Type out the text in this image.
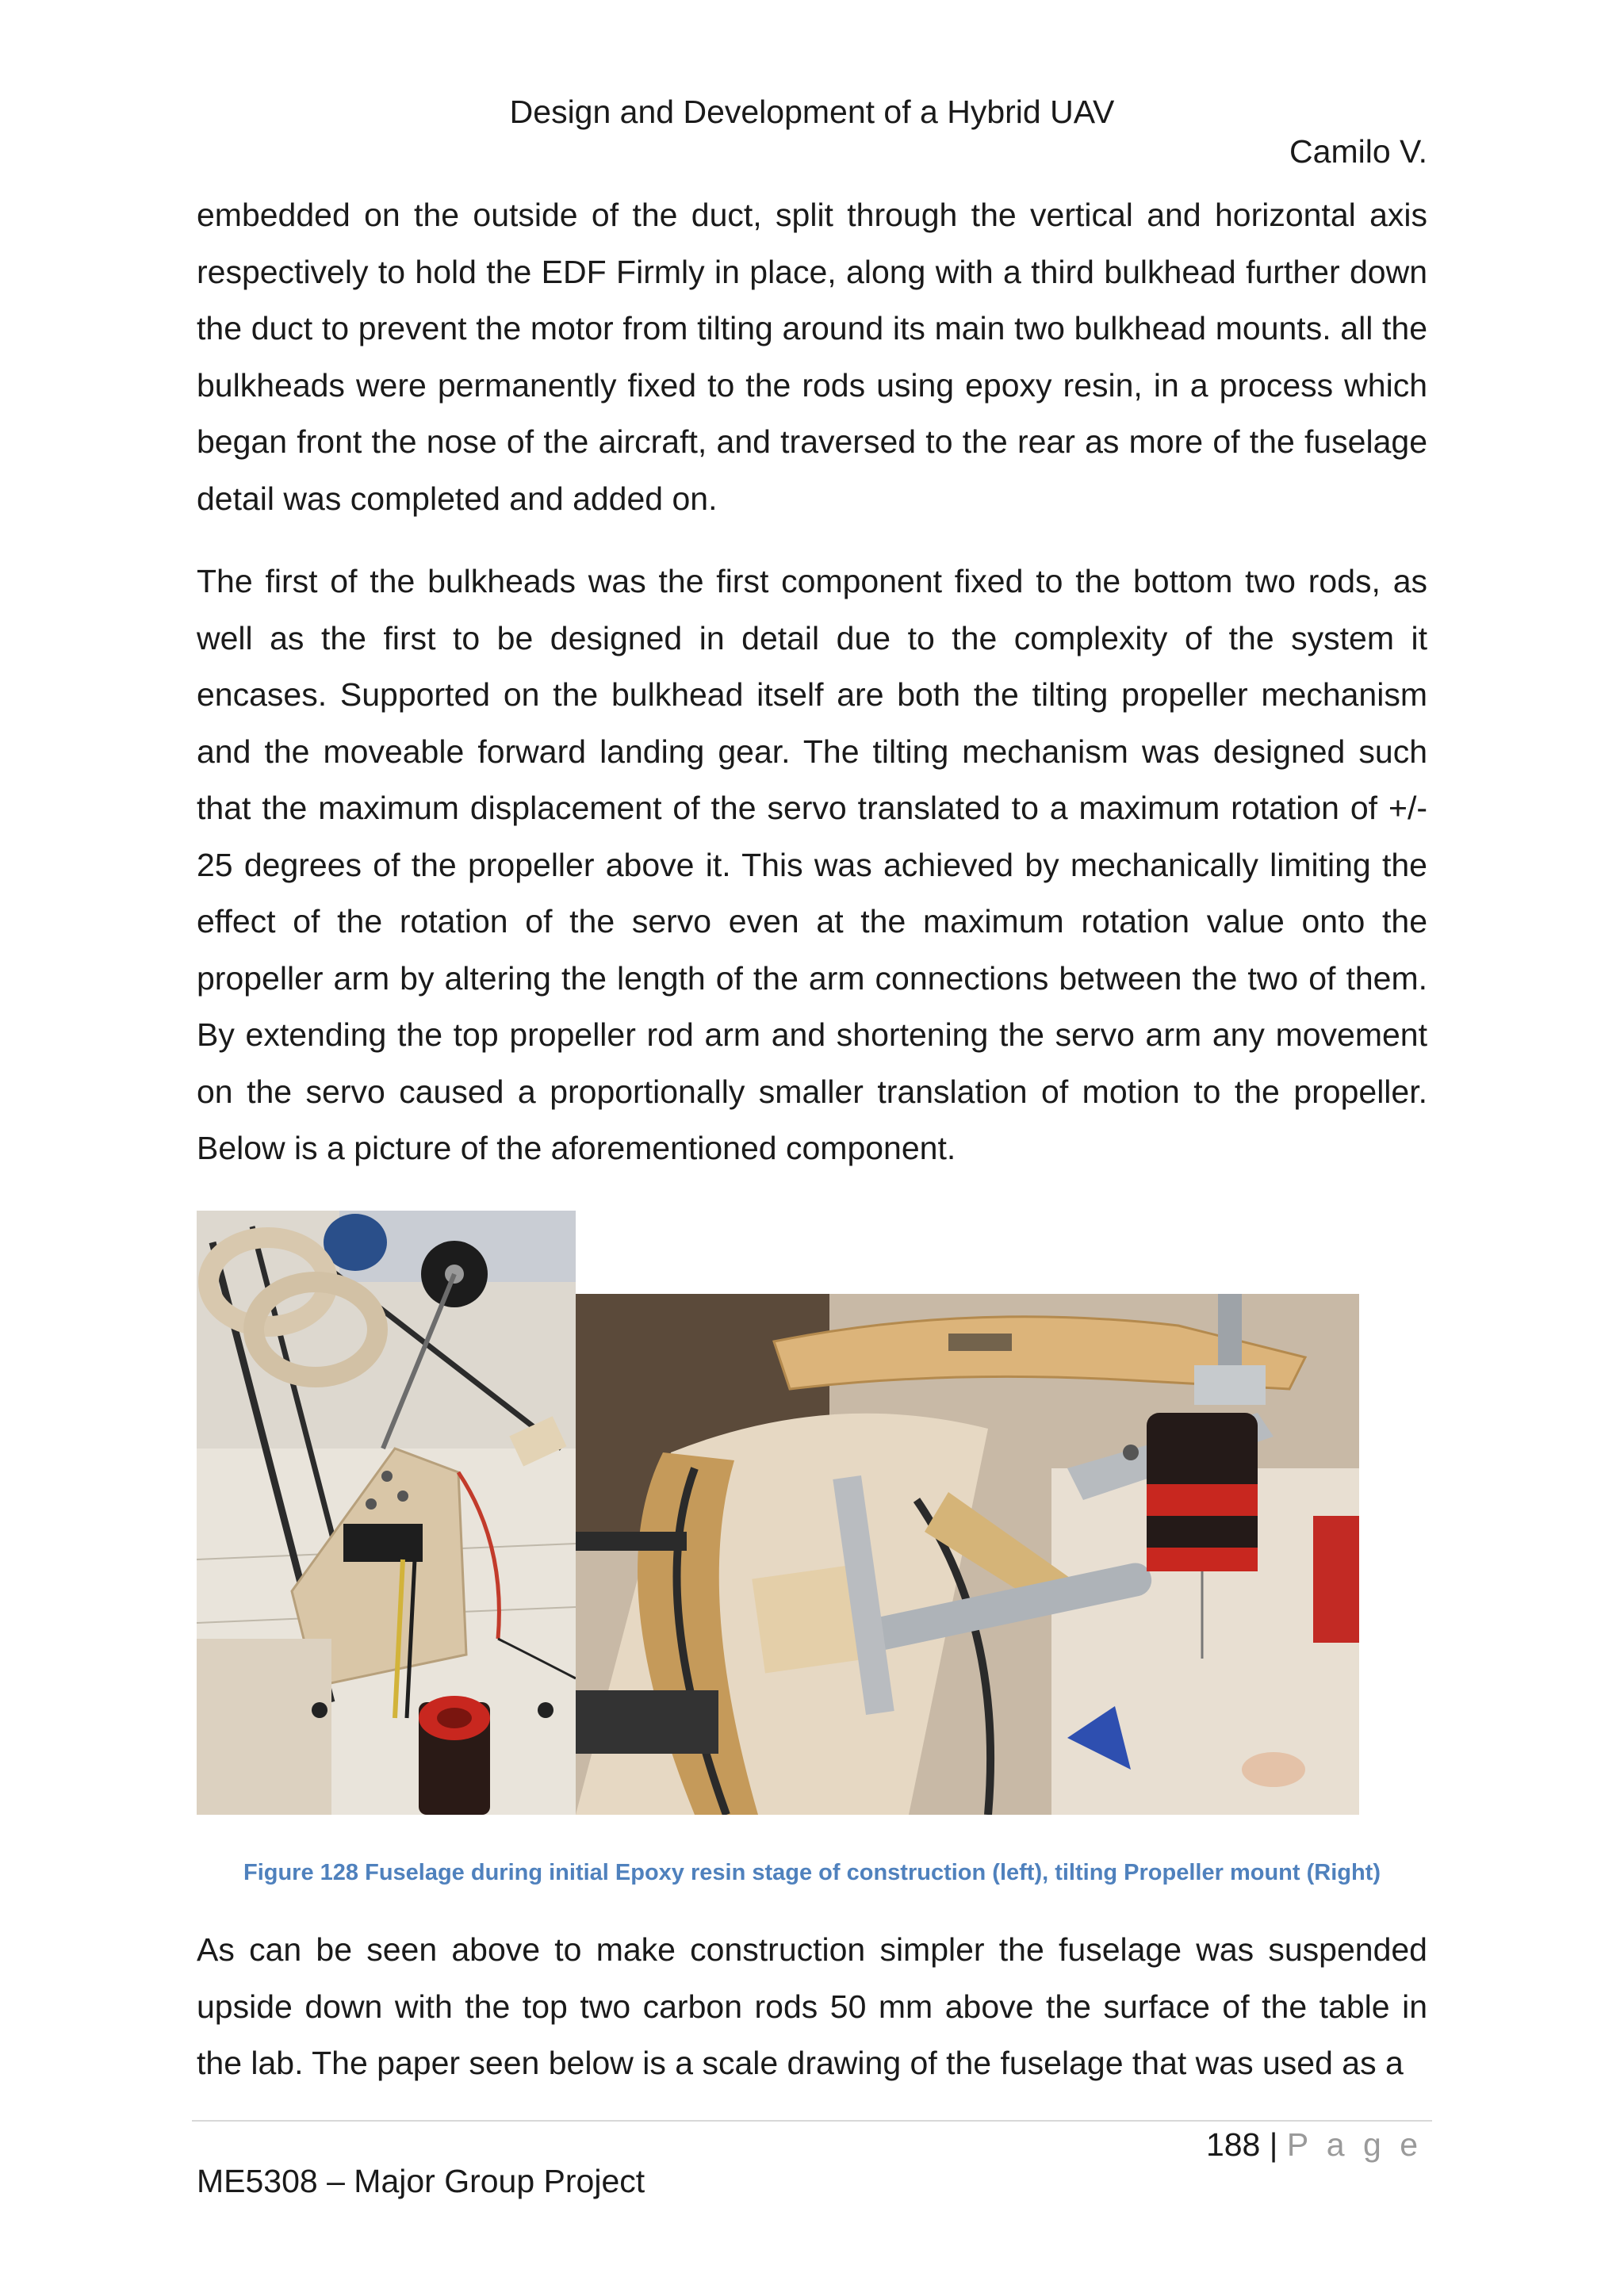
Design and Development of a Hybrid UAV
Camilo V.

embedded on the outside of the duct, split through the vertical and horizontal axis respectively to hold the EDF Firmly in place, along with a third bulkhead further down the duct to prevent the motor from tilting around its main two bulkhead mounts. all the bulkheads were permanently fixed to the rods using epoxy resin, in a process which began front the nose of the aircraft, and traversed to the rear as more of the fuselage detail was completed and added on.

The first of the bulkheads was the first component fixed to the bottom two rods, as well as the first to be designed in detail due to the complexity of the system it encases. Supported on the bulkhead itself are both the tilting propeller mechanism and the moveable forward landing gear. The tilting mechanism was designed such that the maximum displacement of the servo translated to a maximum rotation of +/- 25 degrees of the propeller above it. This was achieved by mechanically limiting the effect of the rotation of the servo even at the maximum rotation value onto the propeller arm by altering the length of the arm connections between the two of them. By extending the top propeller rod arm and shortening the servo arm any movement on the servo caused a proportionally smaller translation of motion to the propeller. Below is a picture of the aforementioned component.

Figure 128 Fuselage during initial Epoxy resin stage of construction (left), tilting Propeller mount (Right)

As can be seen above to make construction simpler the fuselage was suspended upside down with the top two carbon rods 50 mm above the surface of the table in the lab. The paper seen below is a scale drawing of the fuselage that was used as a

188 | P a g e
ME5308 – Major Group Project
